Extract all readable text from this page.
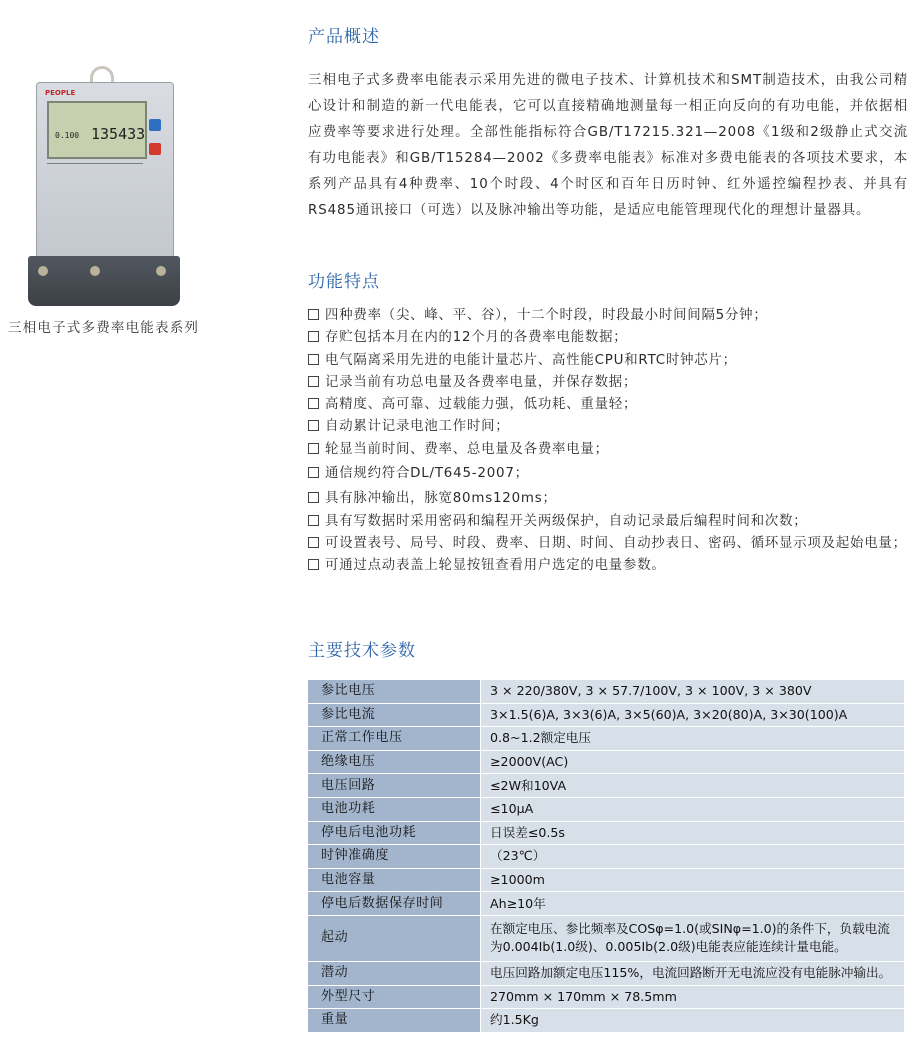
PEOPLE
0.100 135433
三相电子式多费率电能表系列
产品概述
三相电子式多费率电能表示采用先进的微电子技术、计算机技术和SMT制造技术，由我公司精心设计和制造的新一代电能表，它可以直接精确地测量每一相正向反向的有功电能，并依据相应费率等要求进行处理。全部性能指标符合GB/T17215.321—2008《1级和2级静止式交流有功电能表》和GB/T15284—2002《多费率电能表》标准对多费电能表的各项技术要求，本系列产品具有4种费率、10个时段、4个时区和百年日历时钟、红外遥控编程抄表、并具有RS485通讯接口（可选）以及脉冲输出等功能，是适应电能管理现代化的理想计量器具。
功能特点
四种费率（尖、峰、平、谷），十二个时段，时段最小时间间隔5分钟；
存贮包括本月在内的12个月的各费率电能数据；
电气隔离采用先进的电能计量芯片、高性能CPU和RTC时钟芯片；
记录当前有功总电量及各费率电量，并保存数据；
高精度、高可靠、过载能力强，低功耗、重量轻；
自动累计记录电池工作时间；
轮显当前时间、费率、总电量及各费率电量；
通信规约符合DL/T645-2007；
具有脉冲输出，脉宽80ms120ms；
具有写数据时采用密码和编程开关两级保护，自动记录最后编程时间和次数；
可设置表号、局号、时段、费率、日期、时间、自动抄表日、密码、循环显示项及起始电量；
可通过点动表盖上轮显按钮查看用户选定的电量参数。
主要技术参数
参比电压	3 × 220/380V, 3 × 57.7/100V, 3 × 100V, 3 × 380V
参比电流	3×1.5(6)A, 3×3(6)A, 3×5(60)A, 3×20(80)A, 3×30(100)A
正常工作电压	0.8~1.2额定电压
绝缘电压	≥2000V(AC)
电压回路	≤2W和10VA
电池功耗	≤10μA
停电后电池功耗	日误差≤0.5s
时钟准确度	（23℃）
电池容量	≥1000m
停电后数据保存时间	Ah≥10年
起动	在额定电压、参比频率及COSφ=1.0(或SINφ=1.0)的条件下，负载电流为0.004Ib(1.0级)、0.005Ib(2.0级)电能表应能连续计量电能。
潜动	电压回路加额定电压115%，电流回路断开无电流应没有电能脉冲输出。
外型尺寸	270mm × 170mm × 78.5mm
重量	约1.5Kg
